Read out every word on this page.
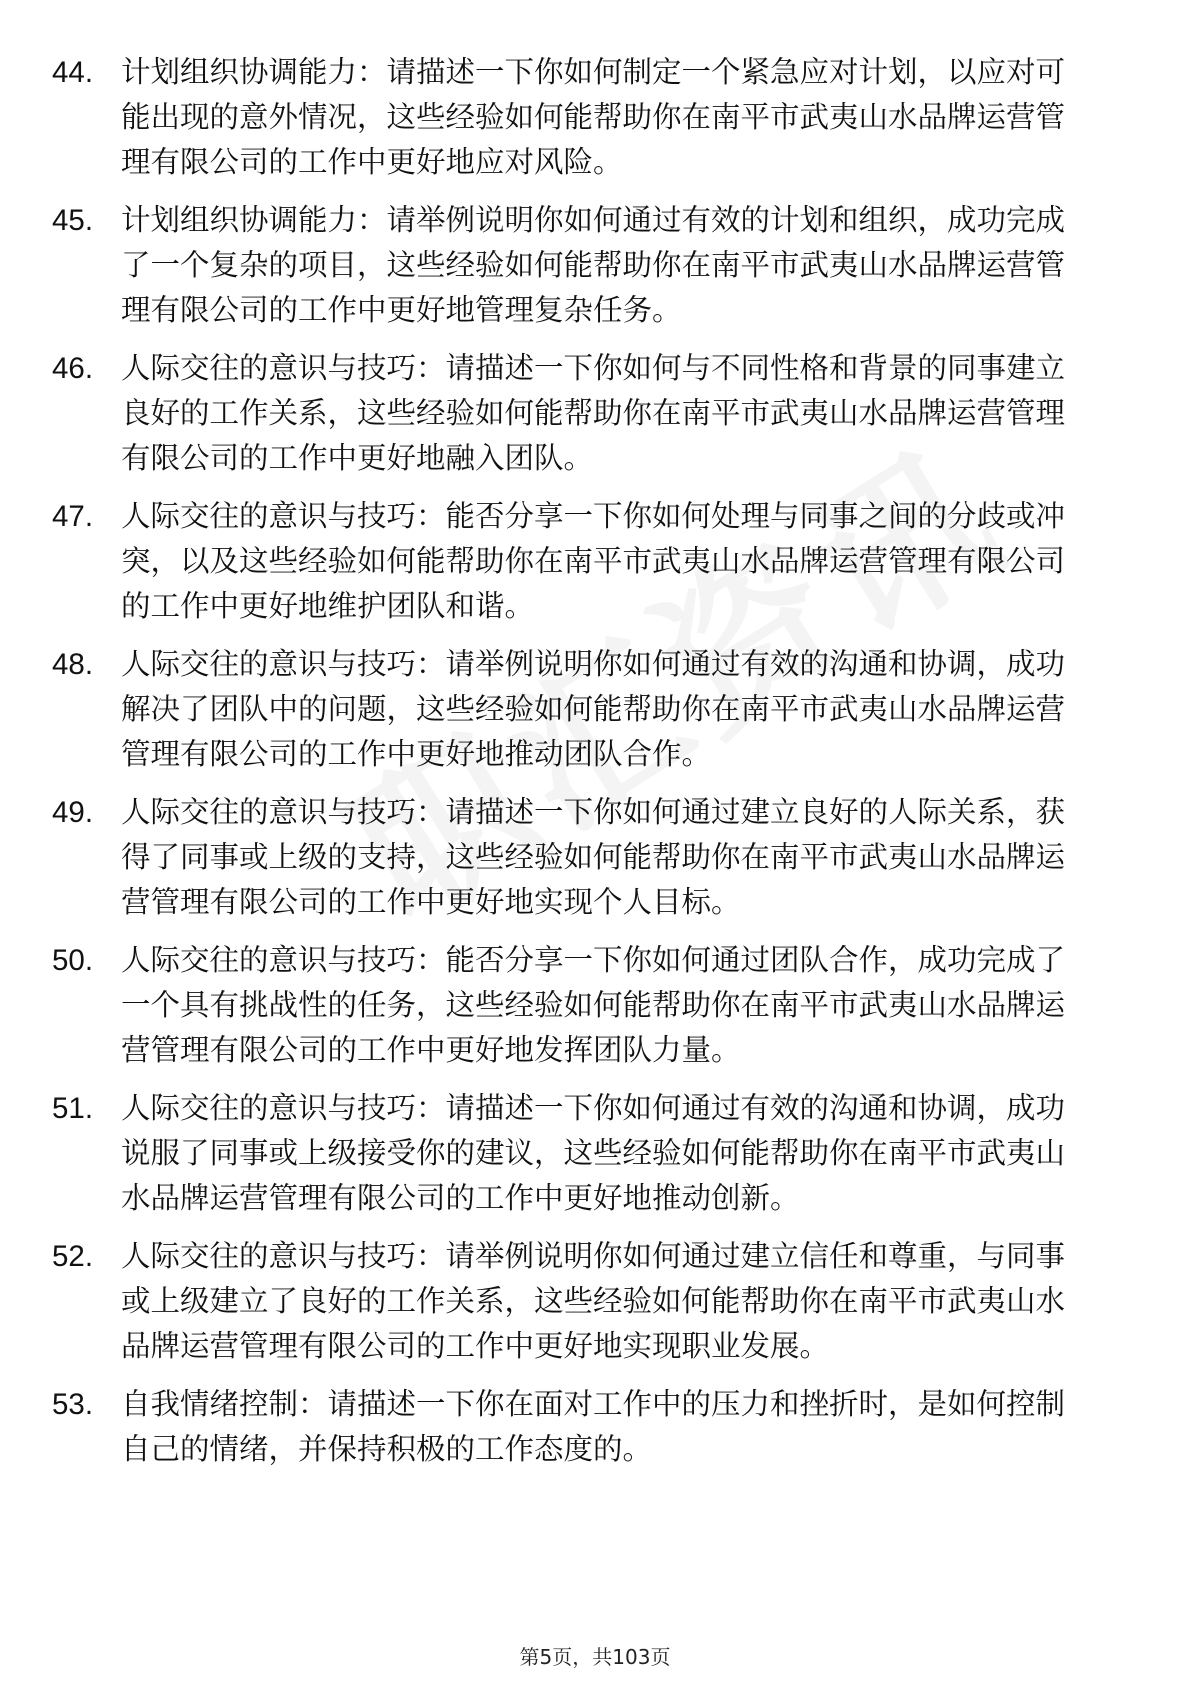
44. 计划组织协调能力：请描述一下你如何制定一个紧急应对计划，以应对可能出现的意外情况，这些经验如何能帮助你在南平市武夷山水品牌运营管理有限公司的工作中更好地应对风险。
45. 计划组织协调能力：请举例说明你如何通过有效的计划和组织，成功完成了一个复杂的项目，这些经验如何能帮助你在南平市武夷山水品牌运营管理有限公司的工作中更好地管理复杂任务。
46. 人际交往的意识与技巧：请描述一下你如何与不同性格和背景的同事建立良好的工作关系，这些经验如何能帮助你在南平市武夷山水品牌运营管理有限公司的工作中更好地融入团队。
47. 人际交往的意识与技巧：能否分享一下你如何处理与同事之间的分歧或冲突，以及这些经验如何能帮助你在南平市武夷山水品牌运营管理有限公司的工作中更好地维护团队和谐。
48. 人际交往的意识与技巧：请举例说明你如何通过有效的沟通和协调，成功解决了团队中的问题，这些经验如何能帮助你在南平市武夷山水品牌运营管理有限公司的工作中更好地推动团队合作。
49. 人际交往的意识与技巧：请描述一下你如何通过建立良好的人际关系，获得了同事或上级的支持，这些经验如何能帮助你在南平市武夷山水品牌运营管理有限公司的工作中更好地实现个人目标。
50. 人际交往的意识与技巧：能否分享一下你如何通过团队合作，成功完成了一个具有挑战性的任务，这些经验如何能帮助你在南平市武夷山水品牌运营管理有限公司的工作中更好地发挥团队力量。
51. 人际交往的意识与技巧：请描述一下你如何通过有效的沟通和协调，成功说服了同事或上级接受你的建议，这些经验如何能帮助你在南平市武夷山水品牌运营管理有限公司的工作中更好地推动创新。
52. 人际交往的意识与技巧：请举例说明你如何通过建立信任和尊重，与同事或上级建立了良好的工作关系，这些经验如何能帮助你在南平市武夷山水品牌运营管理有限公司的工作中更好地实现职业发展。
53. 自我情绪控制：请描述一下你在面对工作中的压力和挫折时，是如何控制自己的情绪，并保持积极的工作态度的。
第5页，共103页
